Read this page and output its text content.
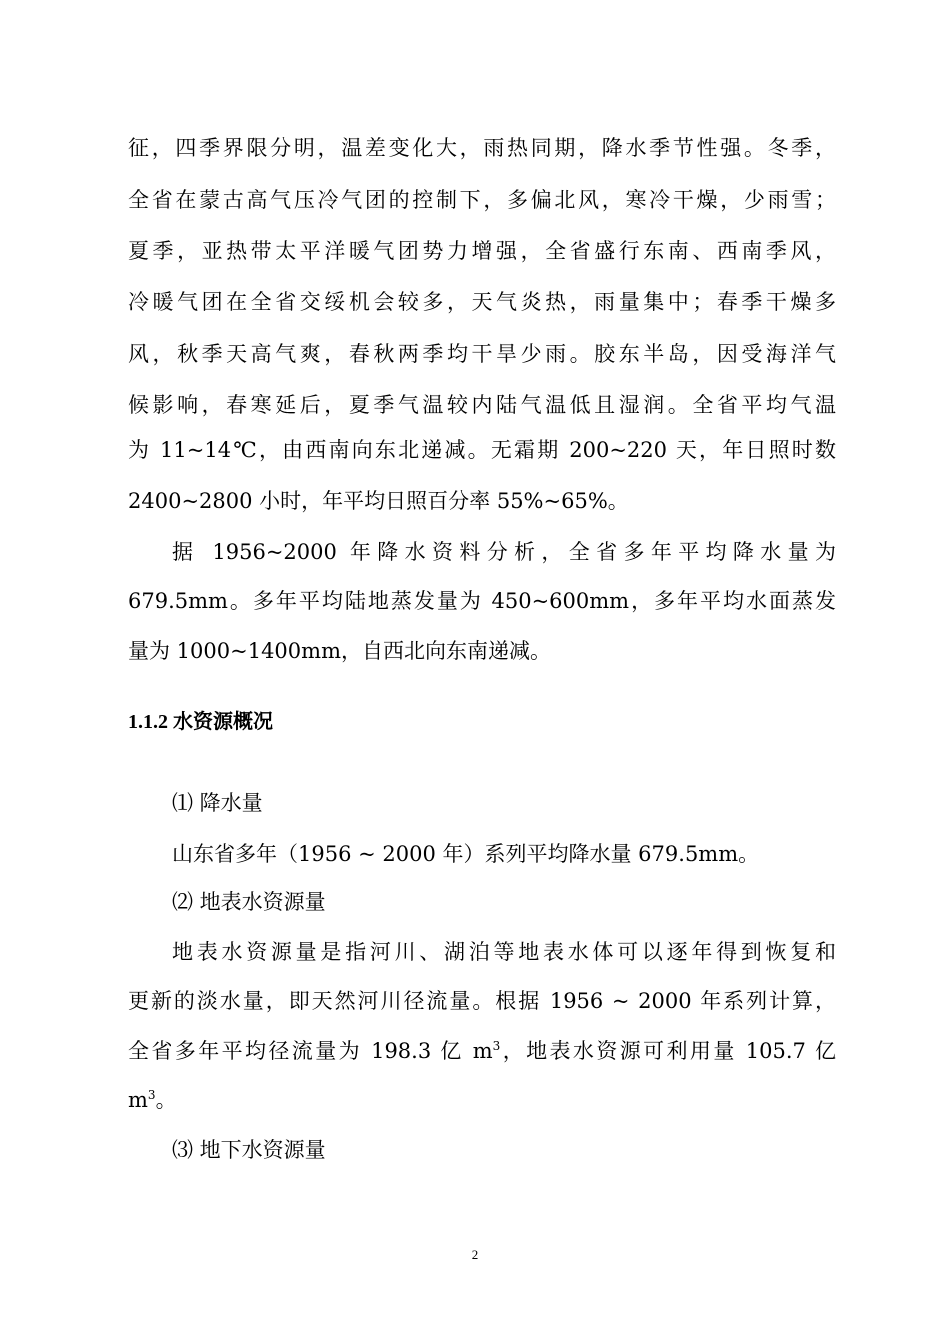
征，四季界限分明，温差变化大，雨热同期，降水季节性强。冬季，
全省在蒙古高气压冷气团的控制下，多偏北风，寒冷干燥，少雨雪；
夏季，亚热带太平洋暖气团势力增强，全省盛行东南、西南季风，
冷暖气团在全省交绥机会较多，天气炎热，雨量集中；春季干燥多
风，秋季天高气爽，春秋两季均干旱少雨。胶东半岛，因受海洋气
候影响，春寒延后，夏季气温较内陆气温低且湿润。全省平均气温
为 11~14℃，由西南向东北递减。无霜期 200~220 天，年日照时数
2400~2800 小时，年平均日照百分率 55%~65%。
据 1956~2000 年降水资料分析，全省多年平均降水量为
679.5mm。多年平均陆地蒸发量为 450~600mm，多年平均水面蒸发
量为 1000~1400mm，自西北向东南递减。
1.1.2 水资源概况
⑴ 降水量
山东省多年（1956 ~ 2000 年）系列平均降水量 679.5mm。
⑵ 地表水资源量
地表水资源量是指河川、湖泊等地表水体可以逐年得到恢复和
更新的淡水量，即天然河川径流量。根据 1956 ~ 2000 年系列计算，
全省多年平均径流量为 198.3 亿 $m^3$，地表水资源可利用量 105.7 亿
$m^3$。
⑶ 地下水资源量
2
